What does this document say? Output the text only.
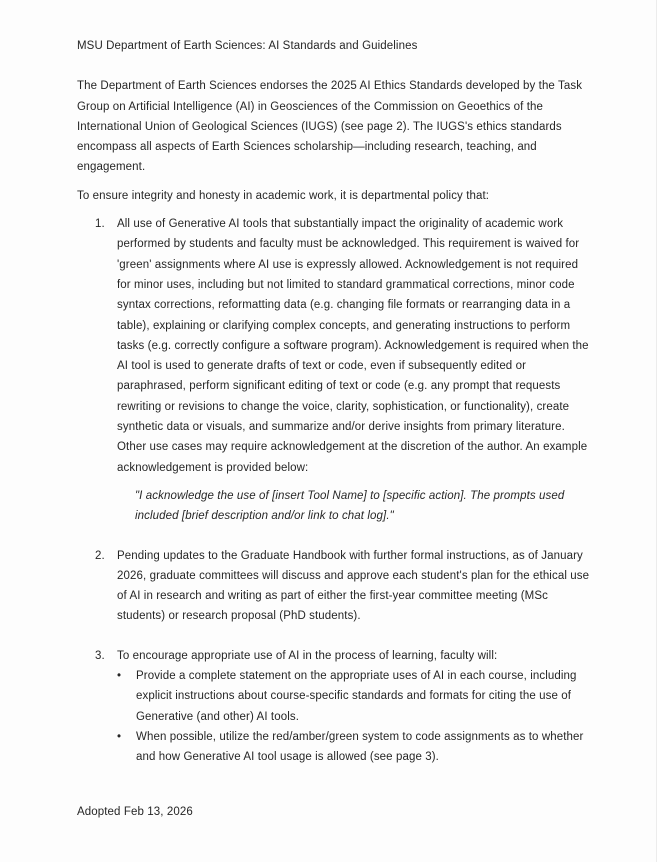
MSU Department of Earth Sciences: AI Standards and Guidelines

The Department of Earth Sciences endorses the 2025 AI Ethics Standards developed by the Task Group on Artificial Intelligence (AI) in Geosciences of the Commission on Geoethics of the International Union of Geological Sciences (IUGS) (see page 2). The IUGS's ethics standards encompass all aspects of Earth Sciences scholarship—including research, teaching, and engagement.

To ensure integrity and honesty in academic work, it is departmental policy that:

1.	All use of Generative AI tools that substantially impact the originality of academic work performed by students and faculty must be acknowledged. This requirement is waived for 'green' assignments where AI use is expressly allowed. Acknowledgement is not required for minor uses, including but not limited to standard grammatical corrections, minor code syntax corrections, reformatting data (e.g. changing file formats or rearranging data in a table), explaining or clarifying complex concepts, and generating instructions to perform tasks (e.g. correctly configure a software program). Acknowledgement is required when the AI tool is used to generate drafts of text or code, even if subsequently edited or paraphrased, perform significant editing of text or code (e.g. any prompt that requests rewriting or revisions to change the voice, clarity, sophistication, or functionality), create synthetic data or visuals, and summarize and/or derive insights from primary literature. Other use cases may require acknowledgement at the discretion of the author. An example acknowledgement is provided below:

"I acknowledge the use of [insert Tool Name] to [specific action]. The prompts used included [brief description and/or link to chat log]."

2.	Pending updates to the Graduate Handbook with further formal instructions, as of January 2026, graduate committees will discuss and approve each student's plan for the ethical use of AI in research and writing as part of either the first-year committee meeting (MSc students) or research proposal (PhD students).

3.	To encourage appropriate use of AI in the process of learning, faculty will:

•	Provide a complete statement on the appropriate uses of AI in each course, including explicit instructions about course-specific standards and formats for citing the use of Generative (and other) AI tools.
•	When possible, utilize the red/amber/green system to code assignments as to whether and how Generative AI tool usage is allowed (see page 3).

Adopted Feb 13, 2026
